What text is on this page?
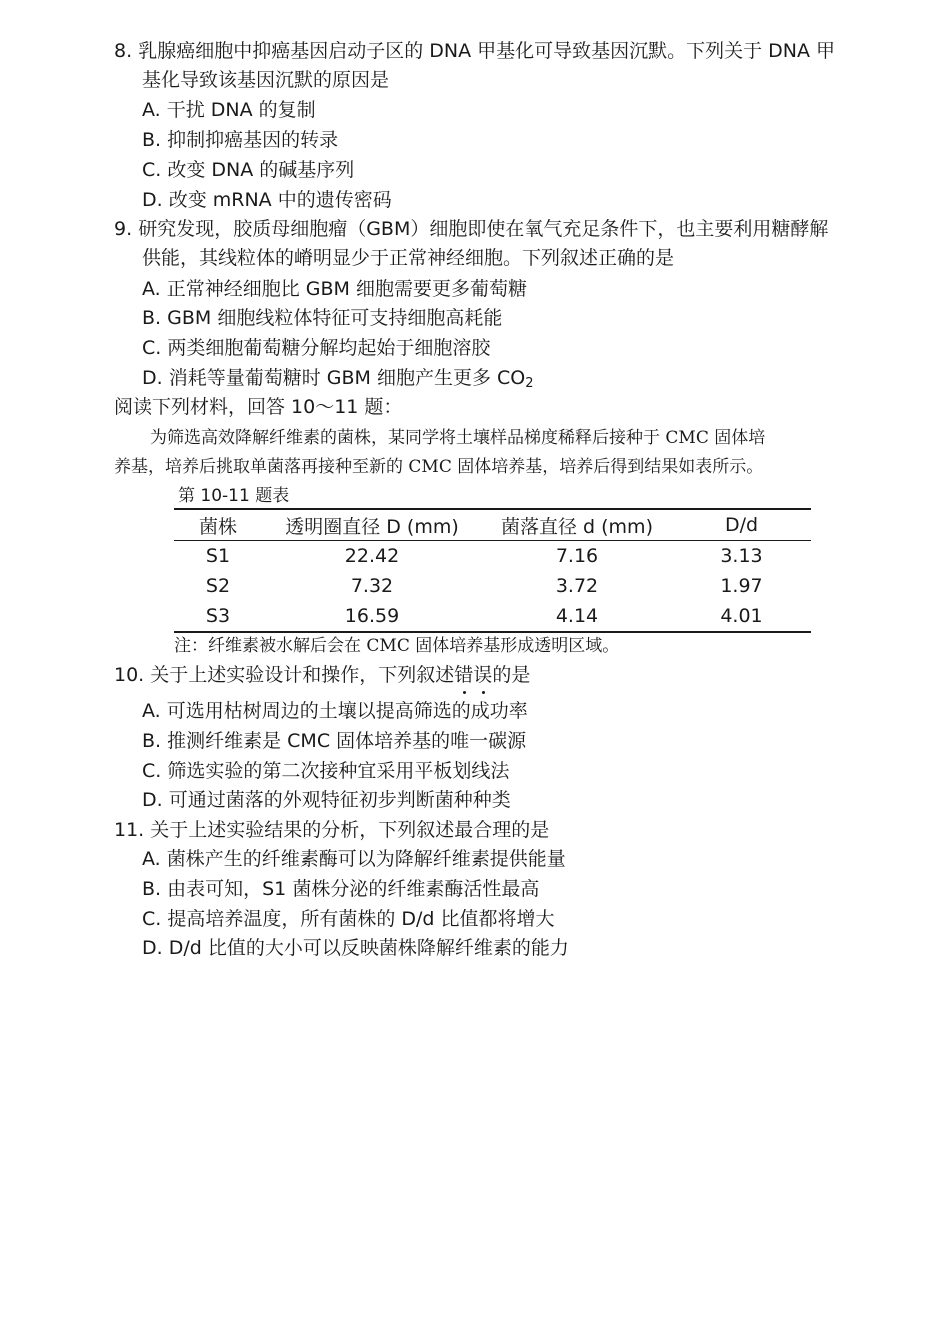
8. 乳腺癌细胞中抑癌基因启动子区的 DNA 甲基化可导致基因沉默。下列关于 DNA 甲
基化导致该基因沉默的原因是
A. 干扰 DNA 的复制
B. 抑制抑癌基因的转录
C. 改变 DNA 的碱基序列
D. 改变 mRNA 中的遗传密码
9. 研究发现，胶质母细胞瘤（GBM）细胞即使在氧气充足条件下，也主要利用糖酵解
供能，其线粒体的嵴明显少于正常神经细胞。下列叙述正确的是
A. 正常神经细胞比 GBM 细胞需要更多葡萄糖
B. GBM 细胞线粒体特征可支持细胞高耗能
C. 两类细胞葡萄糖分解均起始于细胞溶胶
D. 消耗等量葡萄糖时 GBM 细胞产生更多 $CO_2$
阅读下列材料，回答 10～11 题：
为筛选高效降解纤维素的菌株，某同学将土壤样品梯度稀释后接种于 CMC 固体培
养基，培养后挑取单菌落再接种至新的 CMC 固体培养基，培养后得到结果如表所示。
第 10-11 题表
菌株	透明圈直径 D (mm)	菌落直径 d (mm)	D/d
S1	22.42	7.16	3.13
S2	7.32	3.72	1.97
S3	16.59	4.14	4.01
注：纤维素被水解后会在 CMC 固体培养基形成透明区域。
10. 关于上述实验设计和操作，下列叙述错
误
的是
A. 可选用枯树周边的土壤以提高筛选的成功率
B. 推测纤维素是 CMC 固体培养基的唯一碳源
C. 筛选实验的第二次接种宜采用平板划线法
D. 可通过菌落的外观特征初步判断菌种种类
11. 关于上述实验结果的分析，下列叙述最合理的是
A. 菌株产生的纤维素酶可以为降解纤维素提供能量
B. 由表可知，S1 菌株分泌的纤维素酶活性最高
C. 提高培养温度，所有菌株的 D/d 比值都将增大
D. D/d 比值的大小可以反映菌株降解纤维素的能力
